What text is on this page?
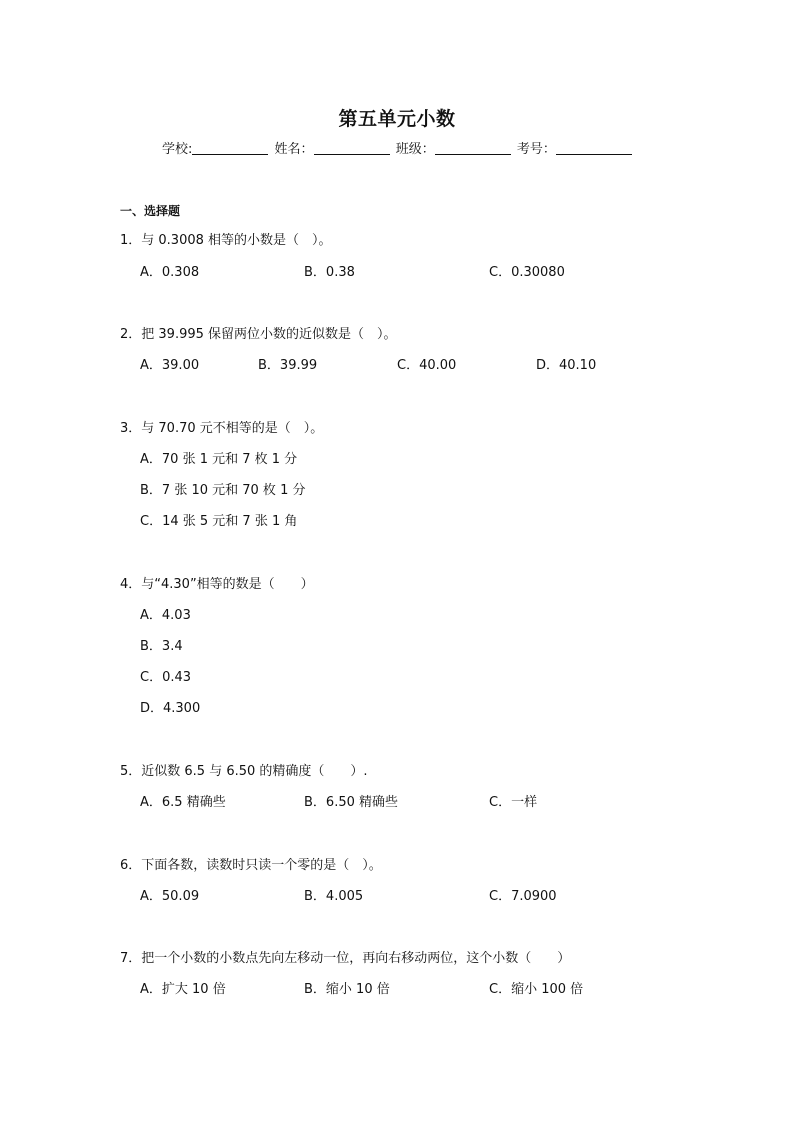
第五单元小数
学校:	姓名：	班级：	考号：
一、选择题
1．与 0.3008 相等的小数是（　）。
A．0.308	B．0.38	C．0.30080
2．把 39.995 保留两位小数的近似数是（　）。
A．39.00	B．39.99	C．40.00	D．40.10
3．与 70.70 元不相等的是（　）。
A．70 张 1 元和 7 枚 1 分
B．7 张 10 元和 70 枚 1 分
C．14 张 5 元和 7 张 1 角
4．与“4.30”相等的数是（　　）
A．4.03
B．3.4
C．0.43
D．4.300
5．近似数 6.5 与 6.50 的精确度（　　）.
A．6.5 精确些	B．6.50 精确些	C．一样
6．下面各数，读数时只读一个零的是（　）。
A．50.09	B．4.005	C．7.0900
7．把一个小数的小数点先向左移动一位，再向右移动两位，这个小数（　　）
A．扩大 10 倍	B．缩小 10 倍	C．缩小 100 倍
